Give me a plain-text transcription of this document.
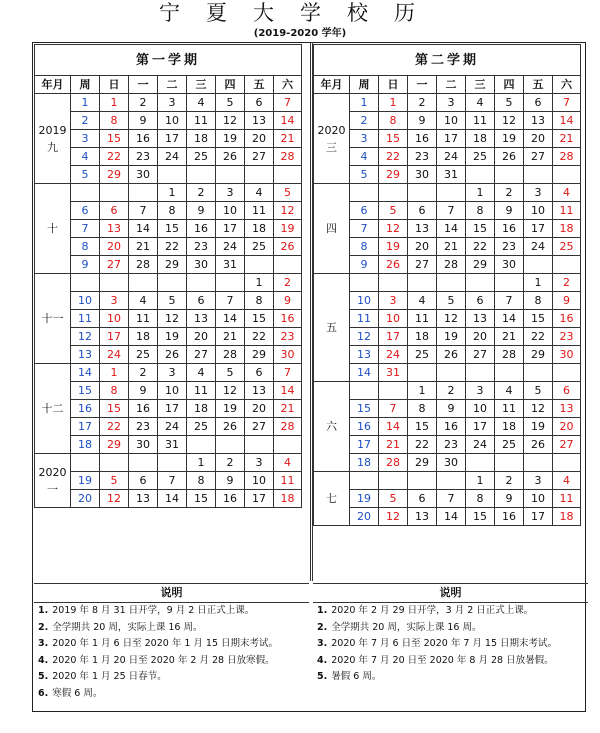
宁夏大学校历
(2019-2020 学年)
第一学期								
年月	周	日	一	二	三	四	五	六
2019
九	1	1	2	3	4	5	6	7
	2	8	9	10	11	12	13	14
	3	15	16	17	18	19	20	21
	4	22	23	24	25	26	27	28
	5	29	30					
十				1	2	3	4	5
	6	6	7	8	9	10	11	12
	7	13	14	15	16	17	18	19
	8	20	21	22	23	24	25	26
	9	27	28	29	30	31		
十一							1	2
	10	3	4	5	6	7	8	9
	11	10	11	12	13	14	15	16
	12	17	18	19	20	21	22	23
	13	24	25	26	27	28	29	30
十二	14	1	2	3	4	5	6	7
	15	8	9	10	11	12	13	14
	16	15	16	17	18	19	20	21
	17	22	23	24	25	26	27	28
	18	29	30	31				
2020
一					1	2	3	4
	19	5	6	7	8	9	10	11
	20	12	13	14	15	16	17	18
第二学期								
年月	周	日	一	二	三	四	五	六
2020
三	1	1	2	3	4	5	6	7
	2	8	9	10	11	12	13	14
	3	15	16	17	18	19	20	21
	4	22	23	24	25	26	27	28
	5	29	30	31				
四					1	2	3	4
	6	5	6	7	8	9	10	11
	7	12	13	14	15	16	17	18
	8	19	20	21	22	23	24	25
	9	26	27	28	29	30		
五							1	2
	10	3	4	5	6	7	8	9
	11	10	11	12	13	14	15	16
	12	17	18	19	20	21	22	23
	13	24	25	26	27	28	29	30
	14	31						
六			1	2	3	4	5	6
	15	7	8	9	10	11	12	13
	16	14	15	16	17	18	19	20
	17	21	22	23	24	25	26	27
	18	28	29	30				
七					1	2	3	4
	19	5	6	7	8	9	10	11
	20	12	13	14	15	16	17	18
说明
1. 2019 年 8 月 31 日开学，9 月 2 日正式上课。
2. 全学期共 20 周，实际上课 16 周。
3. 2020 年 1 月 6 日至 2020 年 1 月 15 日期末考试。
4. 2020 年 1 月 20 日至 2020 年 2 月 28 日放寒假。
5. 2020 年 1 月 25 日春节。
6. 寒假 6 周。
说明
1. 2020 年 2 月 29 日开学，3 月 2 日正式上课。
2. 全学期共 20 周，实际上课 16 周。
3. 2020 年 7 月 6 日至 2020 年 7 月 15 日期末考试。
4. 2020 年 7 月 20 日至 2020 年 8 月 28 日放暑假。
5. 暑假 6 周。
